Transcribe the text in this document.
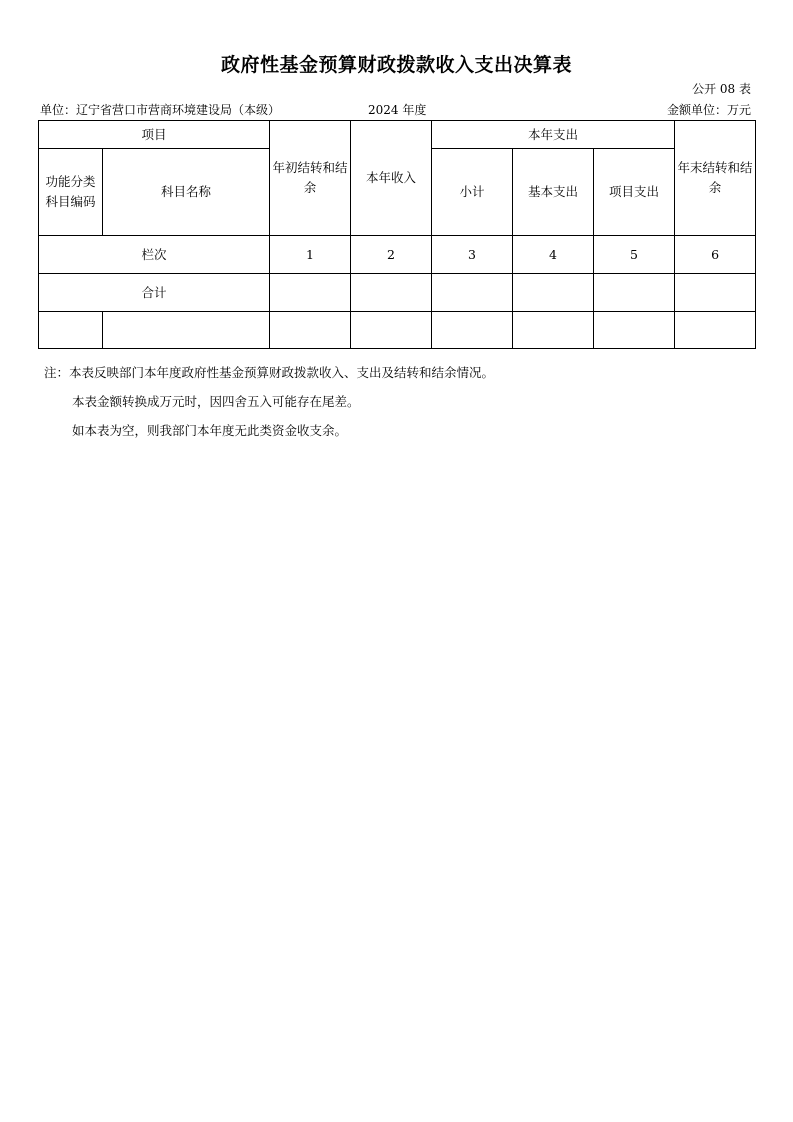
政府性基金预算财政拨款收入支出决算表
公开 08 表
单位：辽宁省营口市营商环境建设局（本级）	2024 年度	金额单位：万元
项目		年初结转和结余	本年收入	本年支出			年末结转和结余
功能分类科目编码	科目名称			小计	基本支出	项目支出	
栏次		1	2	3	4	5	6
合计							

注：本表反映部门本年度政府性基金预算财政拨款收入、支出及结转和结余情况。
本表金额转换成万元时，因四舍五入可能存在尾差。
如本表为空，则我部门本年度无此类资金收支余。
